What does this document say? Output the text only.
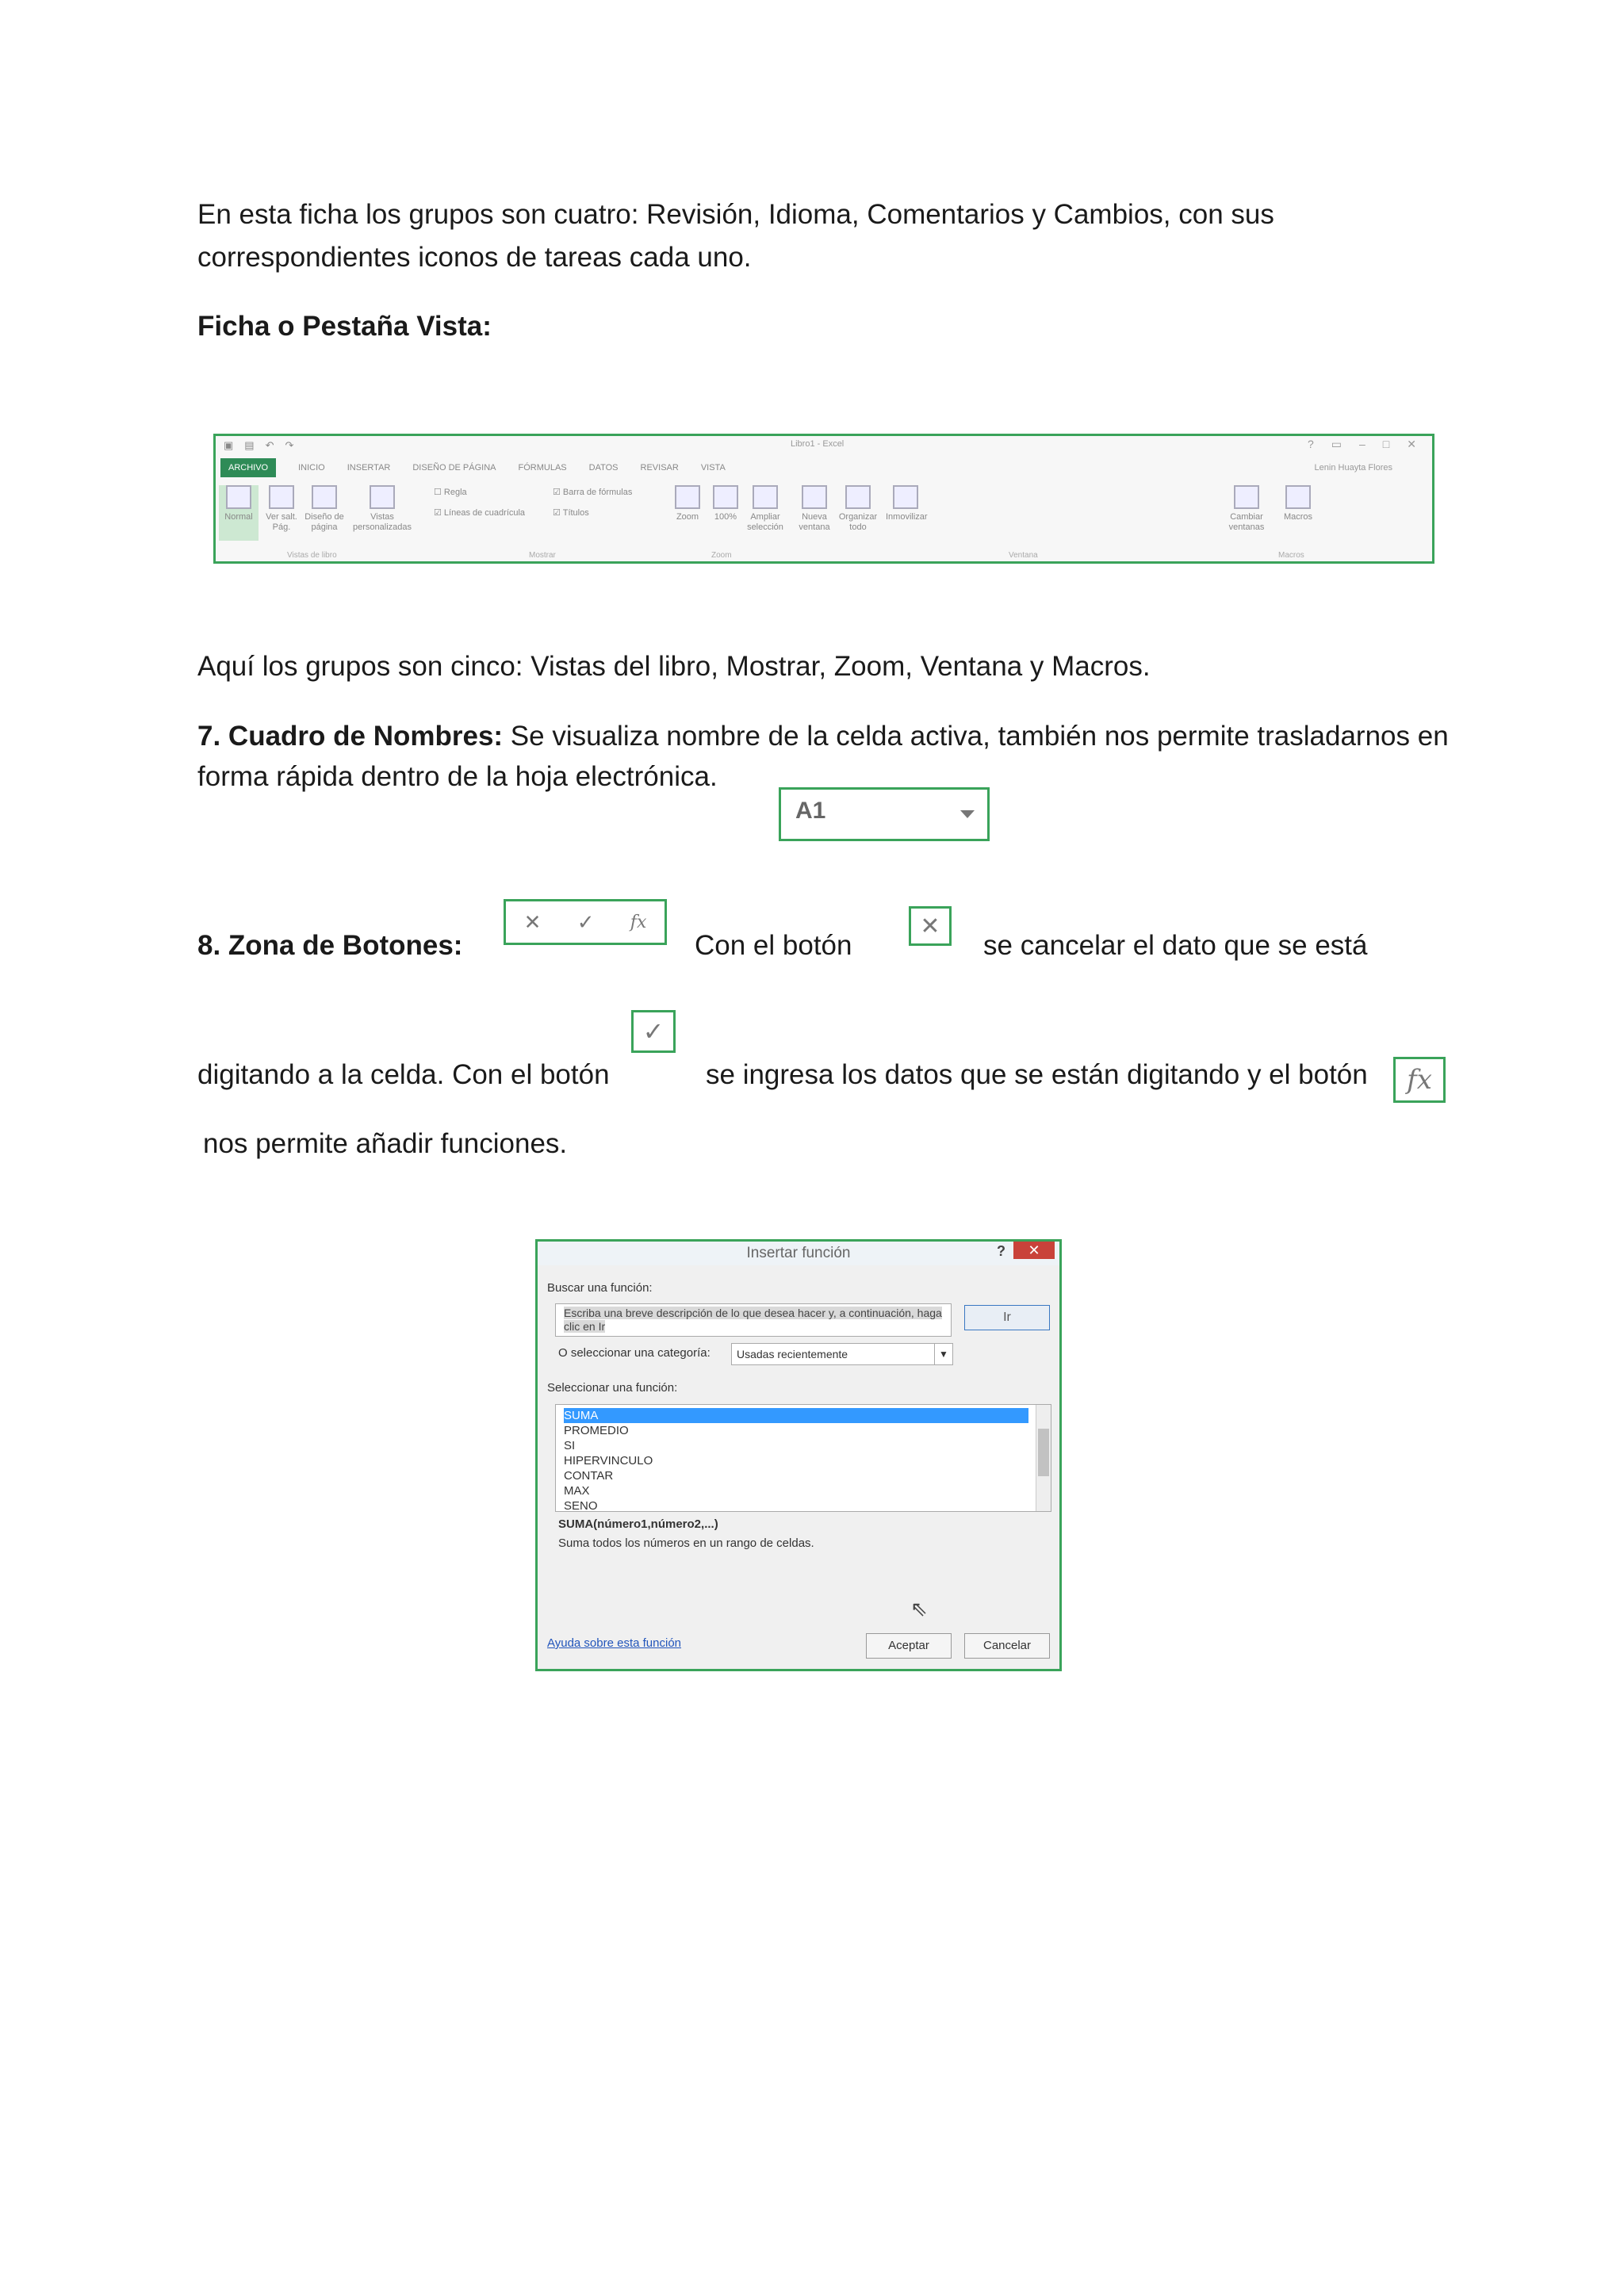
En esta ficha los grupos son cuatro: Revisión, Idioma, Comentarios y Cambios, con sus

correspondientes iconos de tareas cada uno.

Ficha o Pestaña Vista:

▣ ▤ ↶ ↷	Libro1 - Excel	? ▭ – □ ✕
ARCHIVO	INICIO	INSERTAR	DISEÑO DE PÁGINA	FÓRMULAS	DATOS	REVISAR	VISTA	Lenin Huayta Flores
Normal	Ver salt. Pág.
Diseño de página
Vistas personalizadas
☐ Regla
☑ Líneas de cuadrícula
☑ Barra de fórmulas
☑ Títulos	Zoom	100%	Ampliar selección
Nueva ventana
Organizar todo
Inmovilizar	Cambiar ventanas
Macros
Vistas de libro	Mostrar	Zoom	Ventana	Macros

Aquí los grupos son cinco: Vistas del libro, Mostrar, Zoom, Ventana y Macros.

7. Cuadro de Nombres: Se visualiza nombre de la celda activa, también nos permite trasladarnos en

forma rápida dentro de la hoja electrónica.

A1

8. Zona de Botones:

✕ ✓ fx

Con el botón

✕

se cancelar el dato que se está

✓

digitando a la celda. Con el botón	se ingresa los datos que se están digitando y el botón	fx

nos permite añadir funciones.

Insertar función	?	✕
Buscar una función:
Escriba una breve descripción de lo que desea hacer y, a continuación, haga clic en Ir
Ir
O seleccionar una categoría:	Usadas recientemente	▼
Seleccionar una función:
SUMA
PROMEDIO
SI
HIPERVINCULO
CONTAR
MAX
SENO
SUMA(número1,número2,...)
Suma todos los números en un rango de celdas.
⇖
Ayuda sobre esta función	Aceptar	Cancelar
